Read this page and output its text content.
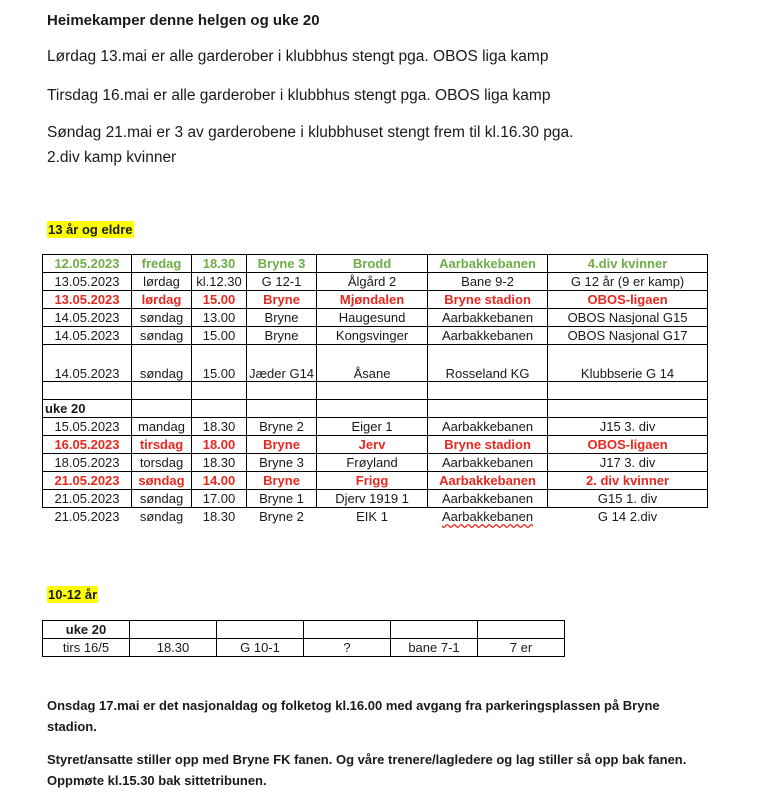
Heimekamper denne helgen og uke 20
Lørdag 13.mai er alle garderober i klubbhus stengt pga. OBOS liga kamp
Tirsdag 16.mai er alle garderober i klubbhus stengt pga. OBOS liga kamp
Søndag 21.mai er 3 av garderobene i klubbhuset stengt frem til kl.16.30 pga.
2.div kamp kvinner
13 år og eldre
12.05.2023	fredag	18.30	Bryne 3	Brodd	Aarbakkebanen	4.div kvinner
13.05.2023	lørdag	kl.12.30	G 12-1	Ålgård 2	Bane 9-2	G 12 år (9 er kamp)
13.05.2023	lørdag	15.00	Bryne	Mjøndalen	Bryne stadion	OBOS-ligaen
14.05.2023	søndag	13.00	Bryne	Haugesund	Aarbakkebanen	OBOS Nasjonal G15
14.05.2023	søndag	15.00	Bryne	Kongsvinger	Aarbakkebanen	OBOS Nasjonal G17
14.05.2023	søndag	15.00	Jæder G14	Åsane	Rosseland KG	Klubbserie G 14

uke 20						
15.05.2023	mandag	18.30	Bryne 2	Eiger 1	Aarbakkebanen	J15 3. div
16.05.2023	tirsdag	18.00	Bryne	Jerv	Bryne stadion	OBOS-ligaen
18.05.2023	torsdag	18.30	Bryne 3	Frøyland	Aarbakkebanen	J17 3. div
21.05.2023	søndag	14.00	Bryne	Frigg	Aarbakkebanen	2. div kvinner
21.05.2023	søndag	17.00	Bryne 1	Djerv 1919 1	Aarbakkebanen	G15 1. div
21.05.2023	søndag	18.30	Bryne 2	EIK 1	Aarbakkebanen	G 14 2.div
10-12 år
uke 20					
tirs 16/5	18.30	G 10-1	?	bane 7-1	7 er
Onsdag 17.mai er det nasjonaldag og folketog kl.16.00 med avgang fra parkeringsplassen på Bryne stadion.
Styret/ansatte stiller opp med Bryne FK fanen. Og våre trenere/lagledere og lag stiller så opp bak fanen. Oppmøte kl.15.30 bak sittetribunen.
